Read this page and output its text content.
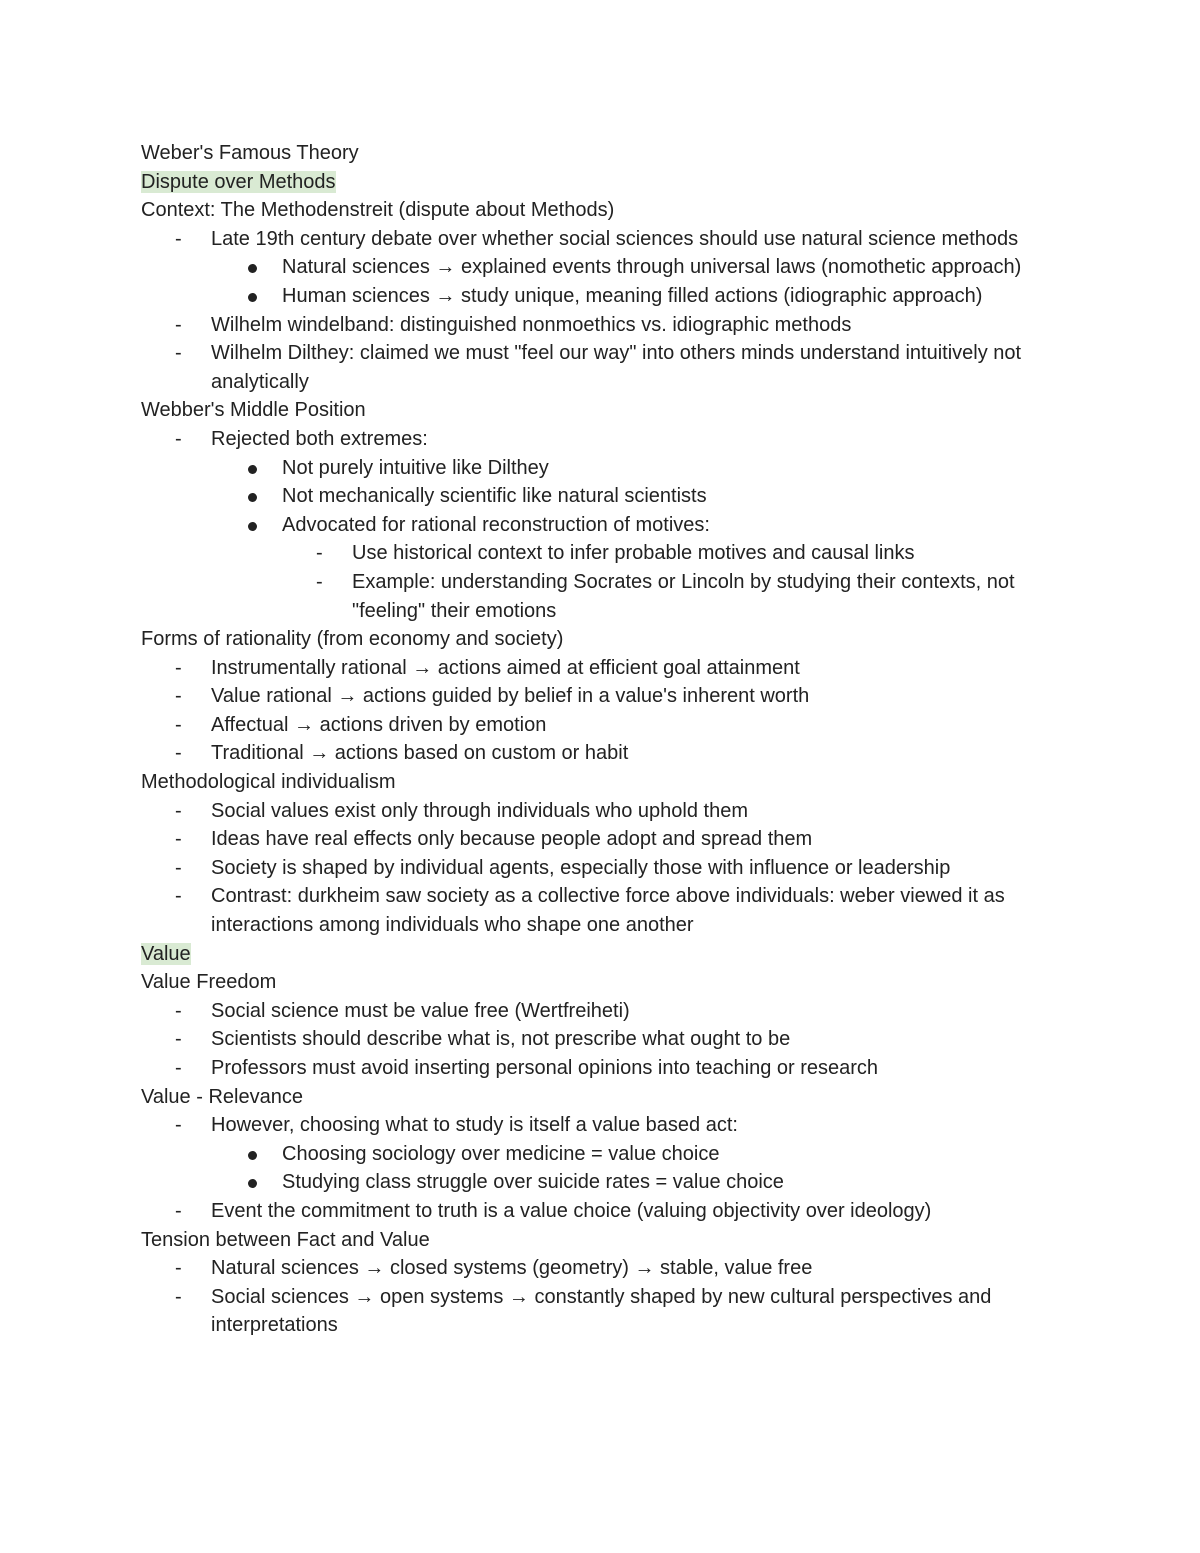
Weber's Famous Theory

Dispute over Methods

Context: The Methodenstreit (dispute about Methods)

- Late 19th century debate over whether social sciences should use natural science methods
Natural sciences → explained events through universal laws (nomothetic approach)
Human sciences → study unique, meaning filled actions (idiographic approach)
- Wilhelm windelband: distinguished nonmoethics vs. idiographic methods
- Wilhelm Dilthey: claimed we must "feel our way" into others minds understand intuitively not analytically

Webber's Middle Position

- Rejected both extremes:
Not purely intuitive like Dilthey
Not mechanically scientific like natural scientists
Advocated for rational reconstruction of motives:
- Use historical context to infer probable motives and causal links
- Example: understanding Socrates or Lincoln by studying their contexts, not "feeling" their emotions

Forms of rationality (from economy and society)

- Instrumentally rational → actions aimed at efficient goal attainment
- Value rational → actions guided by belief in a value's inherent worth
- Affectual → actions driven by emotion
- Traditional → actions based on custom or habit

Methodological individualism

- Social values exist only through individuals who uphold them
- Ideas have real effects only because people adopt and spread them
- Society is shaped by individual agents, especially those with influence or leadership
- Contrast: durkheim saw society as a collective force above individuals: weber viewed it as interactions among individuals who shape one another

Value

Value Freedom

- Social science must be value free (Wertfreiheti)
- Scientists should describe what is, not prescribe what ought to be
- Professors must avoid inserting personal opinions into teaching or research

Value - Relevance

- However, choosing what to study is itself a value based act:
Choosing sociology over medicine = value choice
Studying class struggle over suicide rates = value choice
- Event the commitment to truth is a value choice (valuing objectivity over ideology)

Tension between Fact and Value

- Natural sciences → closed systems (geometry) → stable, value free
- Social sciences → open systems → constantly shaped by new cultural perspectives and interpretations
